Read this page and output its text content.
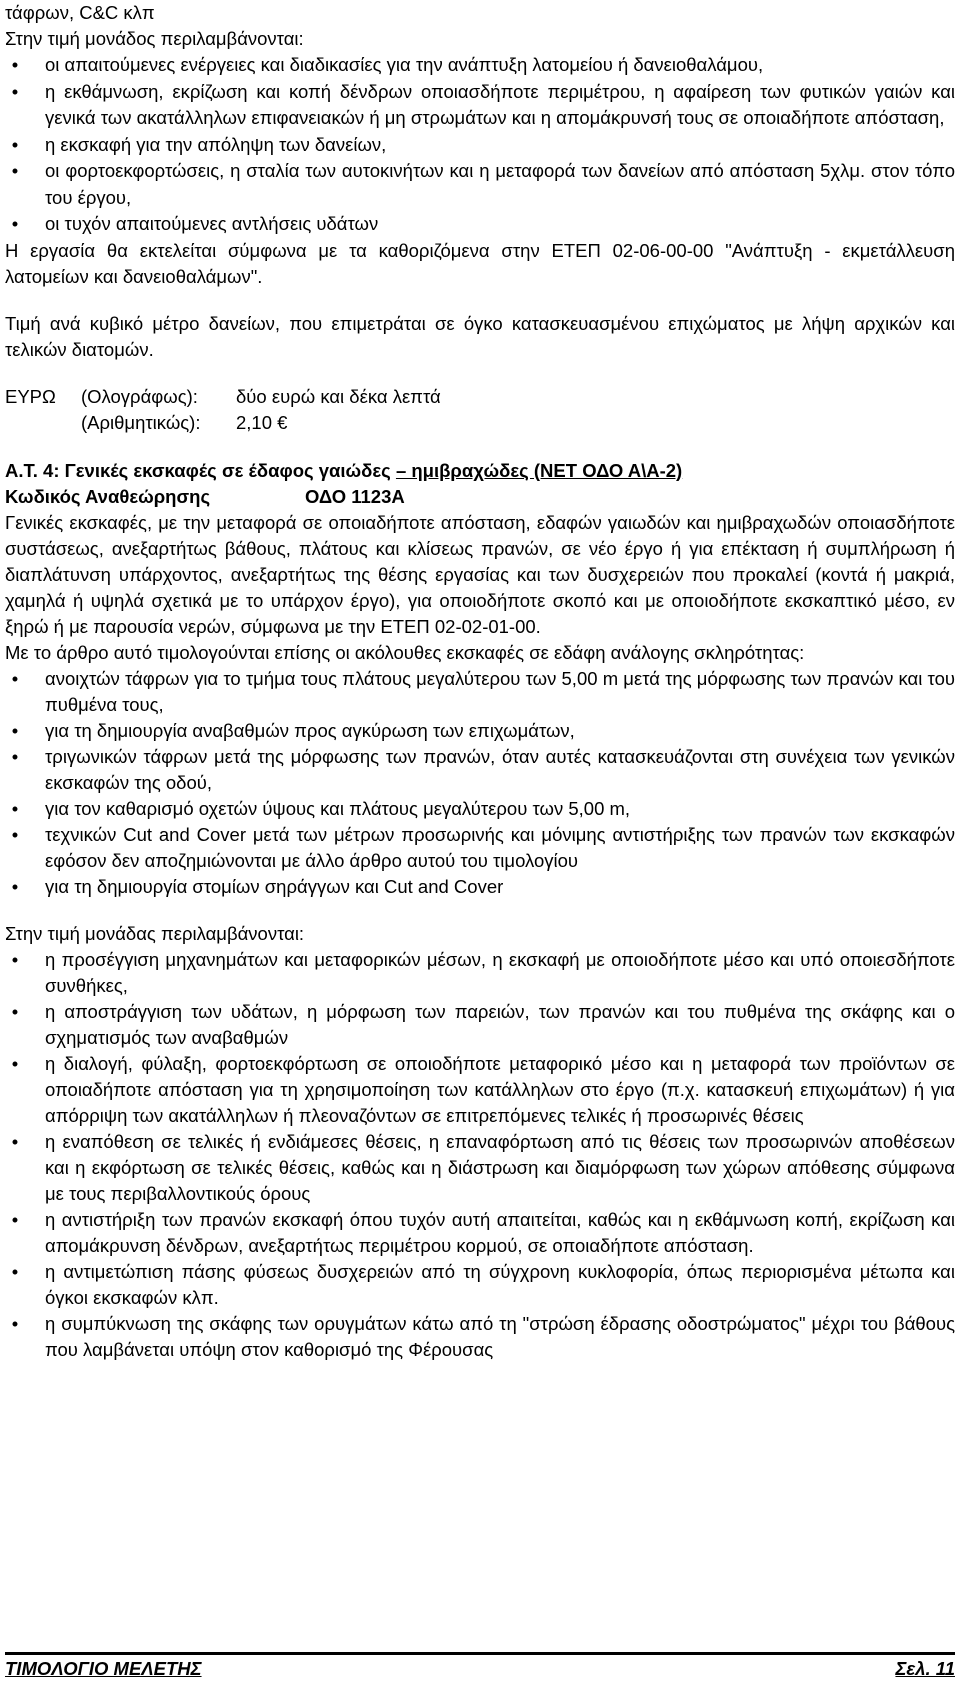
τάφρων, C&C κλπ
Στην τιμή μονάδος περιλαμβάνονται:
•	οι απαιτούμενες ενέργειες και διαδικασίες για την ανάπτυξη λατομείου ή δανειοθαλάμου,
•	η εκθάμνωση, εκρίζωση και κοπή δένδρων οποιασδήποτε περιμέτρου, η αφαίρεση των φυτικών γαιών και γενικά των ακατάλληλων επιφανειακών ή μη στρωμάτων και η απομάκρυνσή τους σε οποιαδήποτε απόσταση,
•	η εκσκαφή για την απόληψη των δανείων,
•	οι φορτοεκφορτώσεις, η σταλία των αυτοκινήτων και η μεταφορά των δανείων από απόσταση 5χλμ. στον τόπο του έργου,
•	οι τυχόν απαιτούμενες αντλήσεις υδάτων
Η εργασία θα εκτελείται σύμφωνα με τα καθοριζόμενα στην ΕΤΕΠ 02-06-00-00 "Ανάπτυξη - εκμετάλλευση λατομείων και δανειοθαλάμων".
Τιμή ανά κυβικό μέτρο δανείων, που επιμετράται σε όγκο κατασκευασμένου επιχώματος με λήψη αρχικών και τελικών διατομών.
ΕΥΡΩ	(Ολογράφως):	δύο ευρώ και δέκα λεπτά
(Αριθμητικώς):	2,10 €
Α.Τ. 4: Γενικές εκσκαφές σε έδαφος γαιώδες – ημιβραχώδες (ΝΕΤ ΟΔΟ Α\Α-2)
Κωδικός Αναθεώρησης	ΟΔΟ 1123Α
Γενικές εκσκαφές, με την μεταφορά σε οποιαδήποτε απόσταση, εδαφών γαιωδών και ημιβραχωδών οποιασδήποτε συστάσεως, ανεξαρτήτως βάθους, πλάτους και κλίσεως πρανών, σε νέο έργο ή για επέκταση ή συμπλήρωση ή διαπλάτυνση υπάρχοντος, ανεξαρτήτως της θέσης εργασίας και των δυσχερειών που προκαλεί (κοντά ή μακριά, χαμηλά ή υψηλά σχετικά με το υπάρχον έργο), για οποιοδήποτε σκοπό και με οποιοδήποτε εκσκαπτικό μέσο, εν ξηρώ ή με παρουσία νερών, σύμφωνα με την ΕΤΕΠ 02-02-01-00.
Με το άρθρο αυτό τιμολογούνται επίσης οι ακόλουθες εκσκαφές σε εδάφη ανάλογης σκληρότητας:
•	ανοιχτών τάφρων για το τμήμα τους πλάτους μεγαλύτερου των 5,00 m μετά της μόρφωσης των πρανών και του πυθμένα τους,
•	για τη δημιουργία αναβαθμών προς αγκύρωση των επιχωμάτων,
•	τριγωνικών τάφρων μετά της μόρφωσης των πρανών, όταν αυτές κατασκευάζονται στη συνέχεια των γενικών εκσκαφών της οδού,
•	για τον καθαρισμό οχετών ύψους και πλάτους μεγαλύτερου των 5,00 m,
•	τεχνικών Cut and Cover μετά των μέτρων προσωρινής και μόνιμης αντιστήριξης των πρανών των εκσκαφών εφόσον δεν αποζημιώνονται με άλλο άρθρο αυτού του τιμολογίου
•	για τη δημιουργία στομίων σηράγγων και Cut and Cover
Στην τιμή μονάδας περιλαμβάνονται:
•	η προσέγγιση μηχανημάτων και μεταφορικών μέσων, η εκσκαφή με οποιοδήποτε μέσο και υπό οποιεσδήποτε συνθήκες,
•	η αποστράγγιση των υδάτων, η μόρφωση των παρειών, των πρανών και του πυθμένα της σκάφης και ο σχηματισμός των αναβαθμών
•	η διαλογή, φύλαξη, φορτοεκφόρτωση σε οποιοδήποτε μεταφορικό μέσο και η μεταφορά των προϊόντων σε οποιαδήποτε απόσταση για τη χρησιμοποίηση των κατάλληλων στο έργο (π.χ. κατασκευή επιχωμάτων) ή για απόρριψη των ακατάλληλων ή πλεοναζόντων σε επιτρεπόμενες τελικές ή προσωρινές θέσεις
•	η εναπόθεση σε τελικές ή ενδιάμεσες θέσεις, η επαναφόρτωση από τις θέσεις των προσωρινών αποθέσεων και η εκφόρτωση σε τελικές θέσεις, καθώς και η διάστρωση και διαμόρφωση των χώρων απόθεσης σύμφωνα με τους περιβαλλοντικούς όρους
•	η αντιστήριξη των πρανών εκσκαφή όπου τυχόν αυτή απαιτείται, καθώς και η εκθάμνωση κοπή, εκρίζωση και απομάκρυνση δένδρων, ανεξαρτήτως περιμέτρου κορμού, σε οποιαδήποτε απόσταση.
•	η αντιμετώπιση πάσης φύσεως δυσχερειών από τη σύγχρονη κυκλοφορία, όπως περιορισμένα μέτωπα και όγκοι εκσκαφών κλπ.
•	η συμπύκνωση της σκάφης των ορυγμάτων κάτω από τη "στρώση έδρασης οδοστρώματος" μέχρι του βάθους που λαμβάνεται υπόψη στον καθορισμό της Φέρουσας
ΤΙΜΟΛΟΓΙΟ ΜΕΛΕΤΗΣ	Σελ. 11
